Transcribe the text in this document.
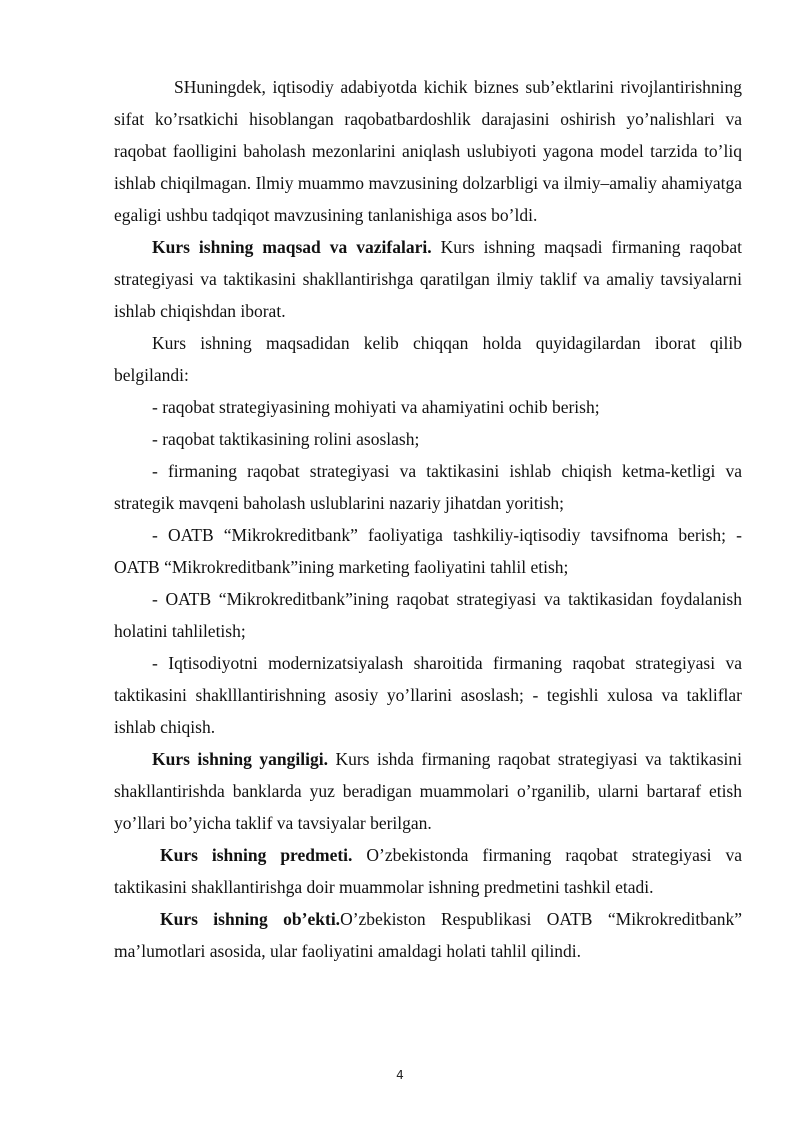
SHuningdek, iqtisodiy adabiyotda kichik biznes sub’ektlarini rivojlantirishning sifat ko’rsatkichi hisoblangan raqobatbardoshlik darajasini oshirish yo’nalishlari va raqobat faolligini baholash mezonlarini aniqlash uslubiyoti yagona model tarzida to’liq ishlab chiqilmagan. Ilmiy muammo mavzusining dolzarbligi va ilmiy–amaliy ahamiyatga egaligi ushbu tadqiqot mavzusining tanlanishiga asos bo’ldi.

Kurs ishning maqsad va vazifalari. Kurs ishning maqsadi firmaning raqobat strategiyasi va taktikasini shakllantirishga qaratilgan ilmiy taklif va amaliy tavsiyalarni ishlab chiqishdan iborat.

Kurs ishning maqsadidan kelib chiqqan holda quyidagilardan iborat qilib belgilandi:

- raqobat strategiyasining mohiyati va ahamiyatini ochib berish;

- raqobat taktikasining rolini asoslash;

- firmaning raqobat strategiyasi va taktikasini ishlab chiqish ketma-ketligi va strategik mavqeni baholash uslublarini nazariy jihatdan yoritish;

- OATB “Mikrokreditbank” faoliyatiga tashkiliy-iqtisodiy tavsifnoma berish; - OATB “Mikrokreditbank”ining marketing faoliyatini tahlil etish;

- OATB “Mikrokreditbank”ining raqobat strategiyasi va taktikasidan foydalanish holatini tahliletish;

- Iqtisodiyotni modernizatsiyalash sharoitida firmaning raqobat strategiyasi va taktikasini shaklllantirishning asosiy yo’llarini asoslash; - tegishli xulosa va takliflar ishlab chiqish.

Kurs ishning yangiligi. Kurs ishda firmaning raqobat strategiyasi va taktikasini shakllantirishda banklarda yuz beradigan muammolari o’rganilib, ularni bartaraf etish yo’llari bo’yicha taklif va tavsiyalar berilgan.

Kurs ishning predmeti. O’zbekistonda firmaning raqobat strategiyasi va taktikasini shakllantirishga doir muammolar ishning predmetini tashkil etadi.

Kurs ishning ob’ekti.O’zbekiston Respublikasi OATB “Mikrokreditbank” ma’lumotlari asosida, ular faoliyatini amaldagi holati tahlil qilindi.

4
